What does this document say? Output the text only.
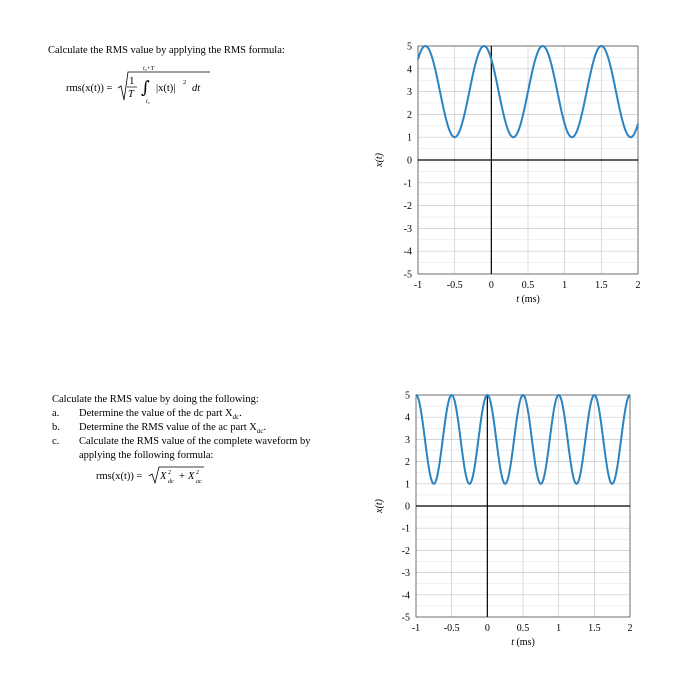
Calculate the RMS value by applying the RMS formula:
rms(x(t)) =
1
T
t₀+T
∫
t₀
|x(t)|
2
dt
Calculate the RMS value by doing the following:
a. Determine the value of the dc part $X_{dc}$.
b. Determine the RMS value of the ac part $X_{ac}$.
c. Calculate the RMS value of the complete waveform by
applying the following formula:
rms(x(t)) = X 2
dc + X 2
ac
5
4
3
2
1
0
-1
-2
-3
-4
-5
-1 -0.5	0	0.5	1	1.5	2
t (ms)
x(t)
5
4
3
2
1
0
-1
-2
-3
-4
-5
-1 -0.5	0	0.5	1	1.5	2
t (ms)
x(t)
